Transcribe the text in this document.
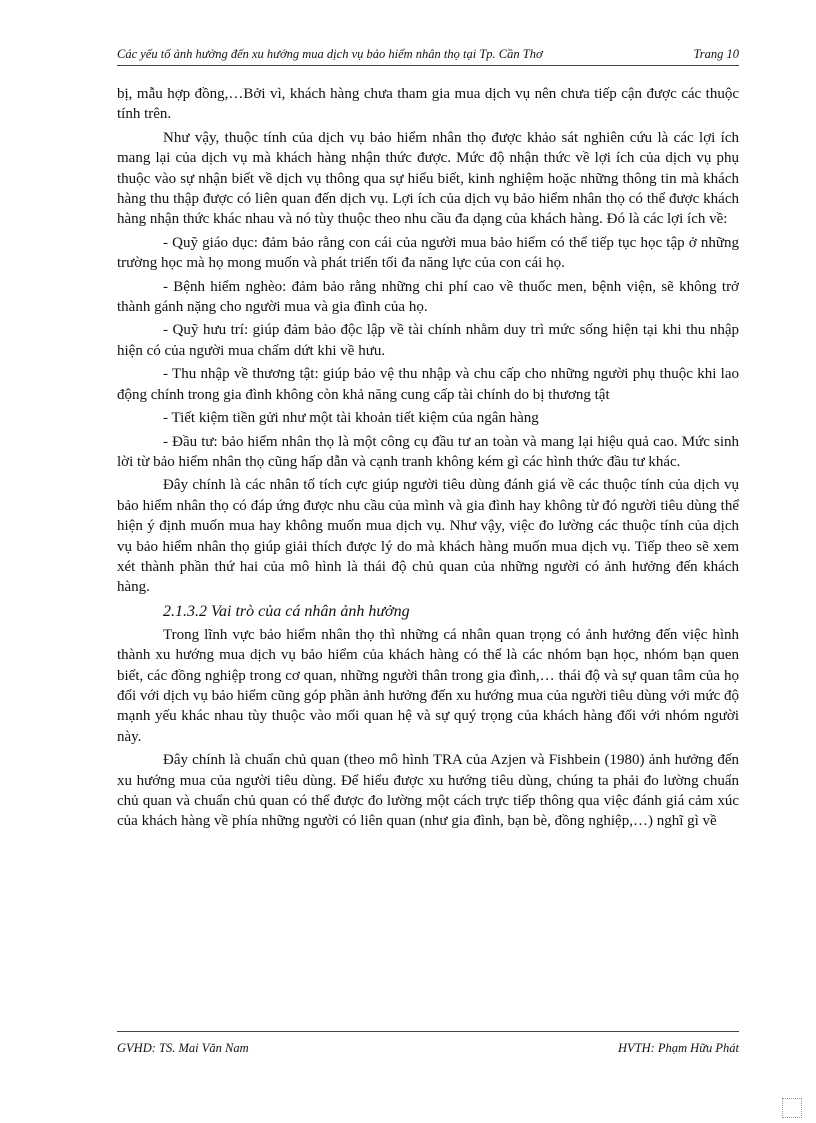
Các yếu tố ảnh hưởng đến xu hướng mua dịch vụ bảo hiểm nhân thọ tại Tp. Cần Thơ	Trang 10

bị, mẫu hợp đồng,…Bởi vì, khách hàng chưa tham gia mua dịch vụ nên chưa tiếp cận được các thuộc tính trên.

Như vậy, thuộc tính của dịch vụ bảo hiểm nhân thọ được khảo sát nghiên cứu là các lợi ích mang lại của dịch vụ mà khách hàng nhận thức được. Mức độ nhận thức về lợi ích của dịch vụ phụ thuộc vào sự nhận biết về dịch vụ thông qua sự hiểu biết, kinh nghiệm hoặc những thông tin mà khách hàng thu thập được có liên quan đến dịch vụ. Lợi ích của dịch vụ bảo hiểm nhân thọ có thể được khách hàng nhận thức khác nhau và nó tùy thuộc theo nhu cầu đa dạng của khách hàng. Đó là các lợi ích về:

- Quỹ giáo dục: đảm bảo rằng con cái của người mua bảo hiểm có thể tiếp tục học tập ở những trường học mà họ mong muốn và phát triển tối đa năng lực của con cái họ.

- Bệnh hiểm nghèo: đảm bảo rằng những chi phí cao về thuốc men, bệnh viện, sẽ không trở thành gánh nặng cho người mua và gia đình của họ.

- Quỹ hưu trí: giúp đảm bảo độc lập về tài chính nhằm duy trì mức sống hiện tại khi thu nhập hiện có của người mua chấm dứt khi về hưu.

- Thu nhập về thương tật: giúp bảo vệ thu nhập và chu cấp cho những người phụ thuộc khi lao động chính trong gia đình không còn khả năng cung cấp tài chính do bị thương tật

- Tiết kiệm tiền gửi như một tài khoản tiết kiệm của ngân hàng

- Đầu tư: bảo hiểm nhân thọ là một công cụ đầu tư an toàn và mang lại hiệu quả cao. Mức sinh lời từ bảo hiểm nhân thọ cũng hấp dẫn và cạnh tranh không kém gì các hình thức đầu tư khác.

Đây chính là các nhân tố tích cực giúp người tiêu dùng đánh giá về các thuộc tính của dịch vụ bảo hiểm nhân thọ có đáp ứng được nhu cầu của mình và gia đình hay không từ đó người tiêu dùng thể hiện ý định muốn mua hay không muốn mua dịch vụ. Như vậy, việc đo lường các thuộc tính của dịch vụ bảo hiểm nhân thọ giúp giải thích được lý do mà khách hàng muốn mua dịch vụ. Tiếp theo sẽ xem xét thành phần thứ hai của mô hình là thái độ chủ quan của những người có ảnh hưởng đến khách hàng.

2.1.3.2 Vai trò của cá nhân ảnh hưởng

Trong lĩnh vực bảo hiểm nhân thọ thì những cá nhân quan trọng có ảnh hưởng đến việc hình thành xu hướng mua dịch vụ bảo hiểm của khách hàng có thể là các nhóm bạn học, nhóm bạn quen biết, các đồng nghiệp trong cơ quan, những người thân trong gia đình,… thái độ và sự quan tâm của họ đối với dịch vụ bảo hiểm cũng góp phần ảnh hưởng đến xu hướng mua của người tiêu dùng với mức độ mạnh yếu khác nhau tùy thuộc vào mối quan hệ và sự quý trọng của khách hàng đối với nhóm người này.

Đây chính là chuẩn chủ quan (theo mô hình TRA của Azjen và Fishbein (1980) ảnh hưởng đến xu hướng mua của người tiêu dùng. Để hiểu được xu hướng tiêu dùng, chúng ta phải đo lường chuẩn chủ quan và chuẩn chủ quan có thể được đo lường một cách trực tiếp thông qua việc đánh giá cảm xúc của khách hàng về phía những người có liên quan (như gia đình, bạn bè, đồng nghiệp,…) nghĩ gì về

GVHD: TS. Mai Văn Nam	HVTH: Phạm Hữu Phát
